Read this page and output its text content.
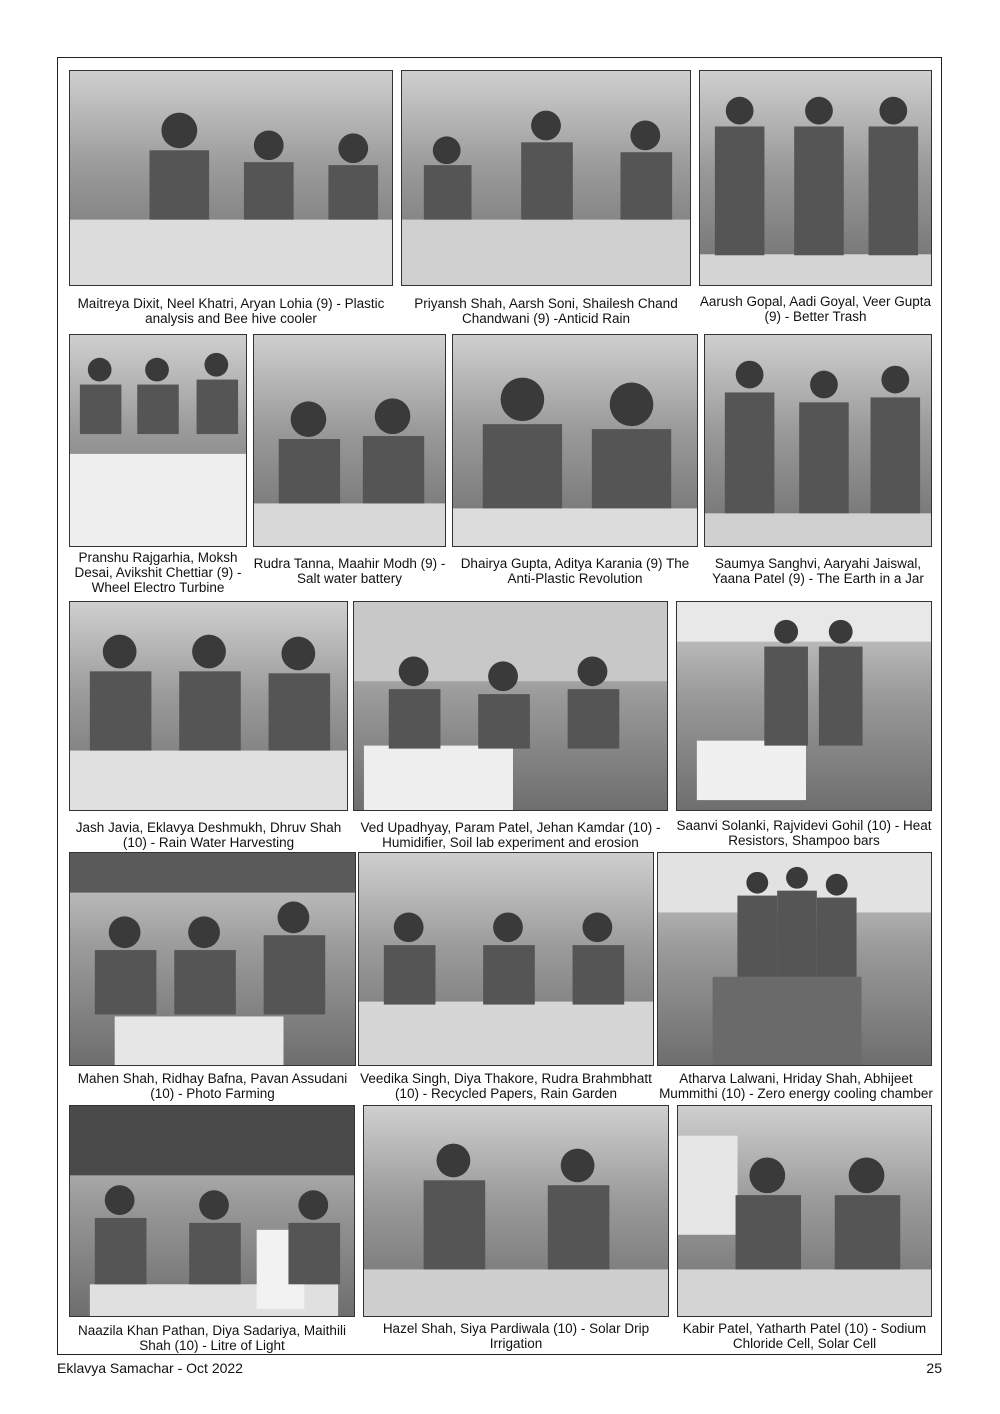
Maitreya Dixit, Neel Khatri, Aryan Lohia (9) - Plastic analysis and Bee hive cooler
Priyansh Shah, Aarsh Soni, Shailesh Chand Chandwani (9) -Anticid Rain
Aarush Gopal, Aadi Goyal, Veer Gupta (9) - Better Trash
Pranshu Rajgarhia, Moksh Desai, Avikshit Chettiar (9) - Wheel Electro Turbine
Rudra Tanna, Maahir Modh (9) - Salt water battery
Dhairya Gupta, Aditya Karania (9) The Anti-Plastic Revolution
Saumya Sanghvi, Aaryahi Jaiswal, Yaana Patel (9) - The Earth in a Jar
Jash Javia, Eklavya Deshmukh, Dhruv Shah (10) - Rain Water Harvesting
Ved Upadhyay, Param Patel, Jehan Kamdar (10) - Humidifier, Soil lab experiment and erosion
Saanvi Solanki, Rajvidevi Gohil (10) - Heat Resistors, Shampoo bars
Mahen Shah, Ridhay Bafna, Pavan Assudani (10) - Photo Farming
Veedika Singh, Diya Thakore, Rudra Brahmbhatt (10) - Recycled Papers, Rain Garden
Atharva Lalwani, Hriday Shah, Abhijeet Mummithi (10) - Zero energy cooling chamber
Naazila Khan Pathan, Diya Sadariya, Maithili Shah (10) - Litre of Light
Hazel Shah, Siya Pardiwala (10) - Solar Drip Irrigation
Kabir Patel, Yatharth Patel (10) - Sodium Chloride Cell, Solar Cell
Eklavya Samachar - Oct 2022	25
